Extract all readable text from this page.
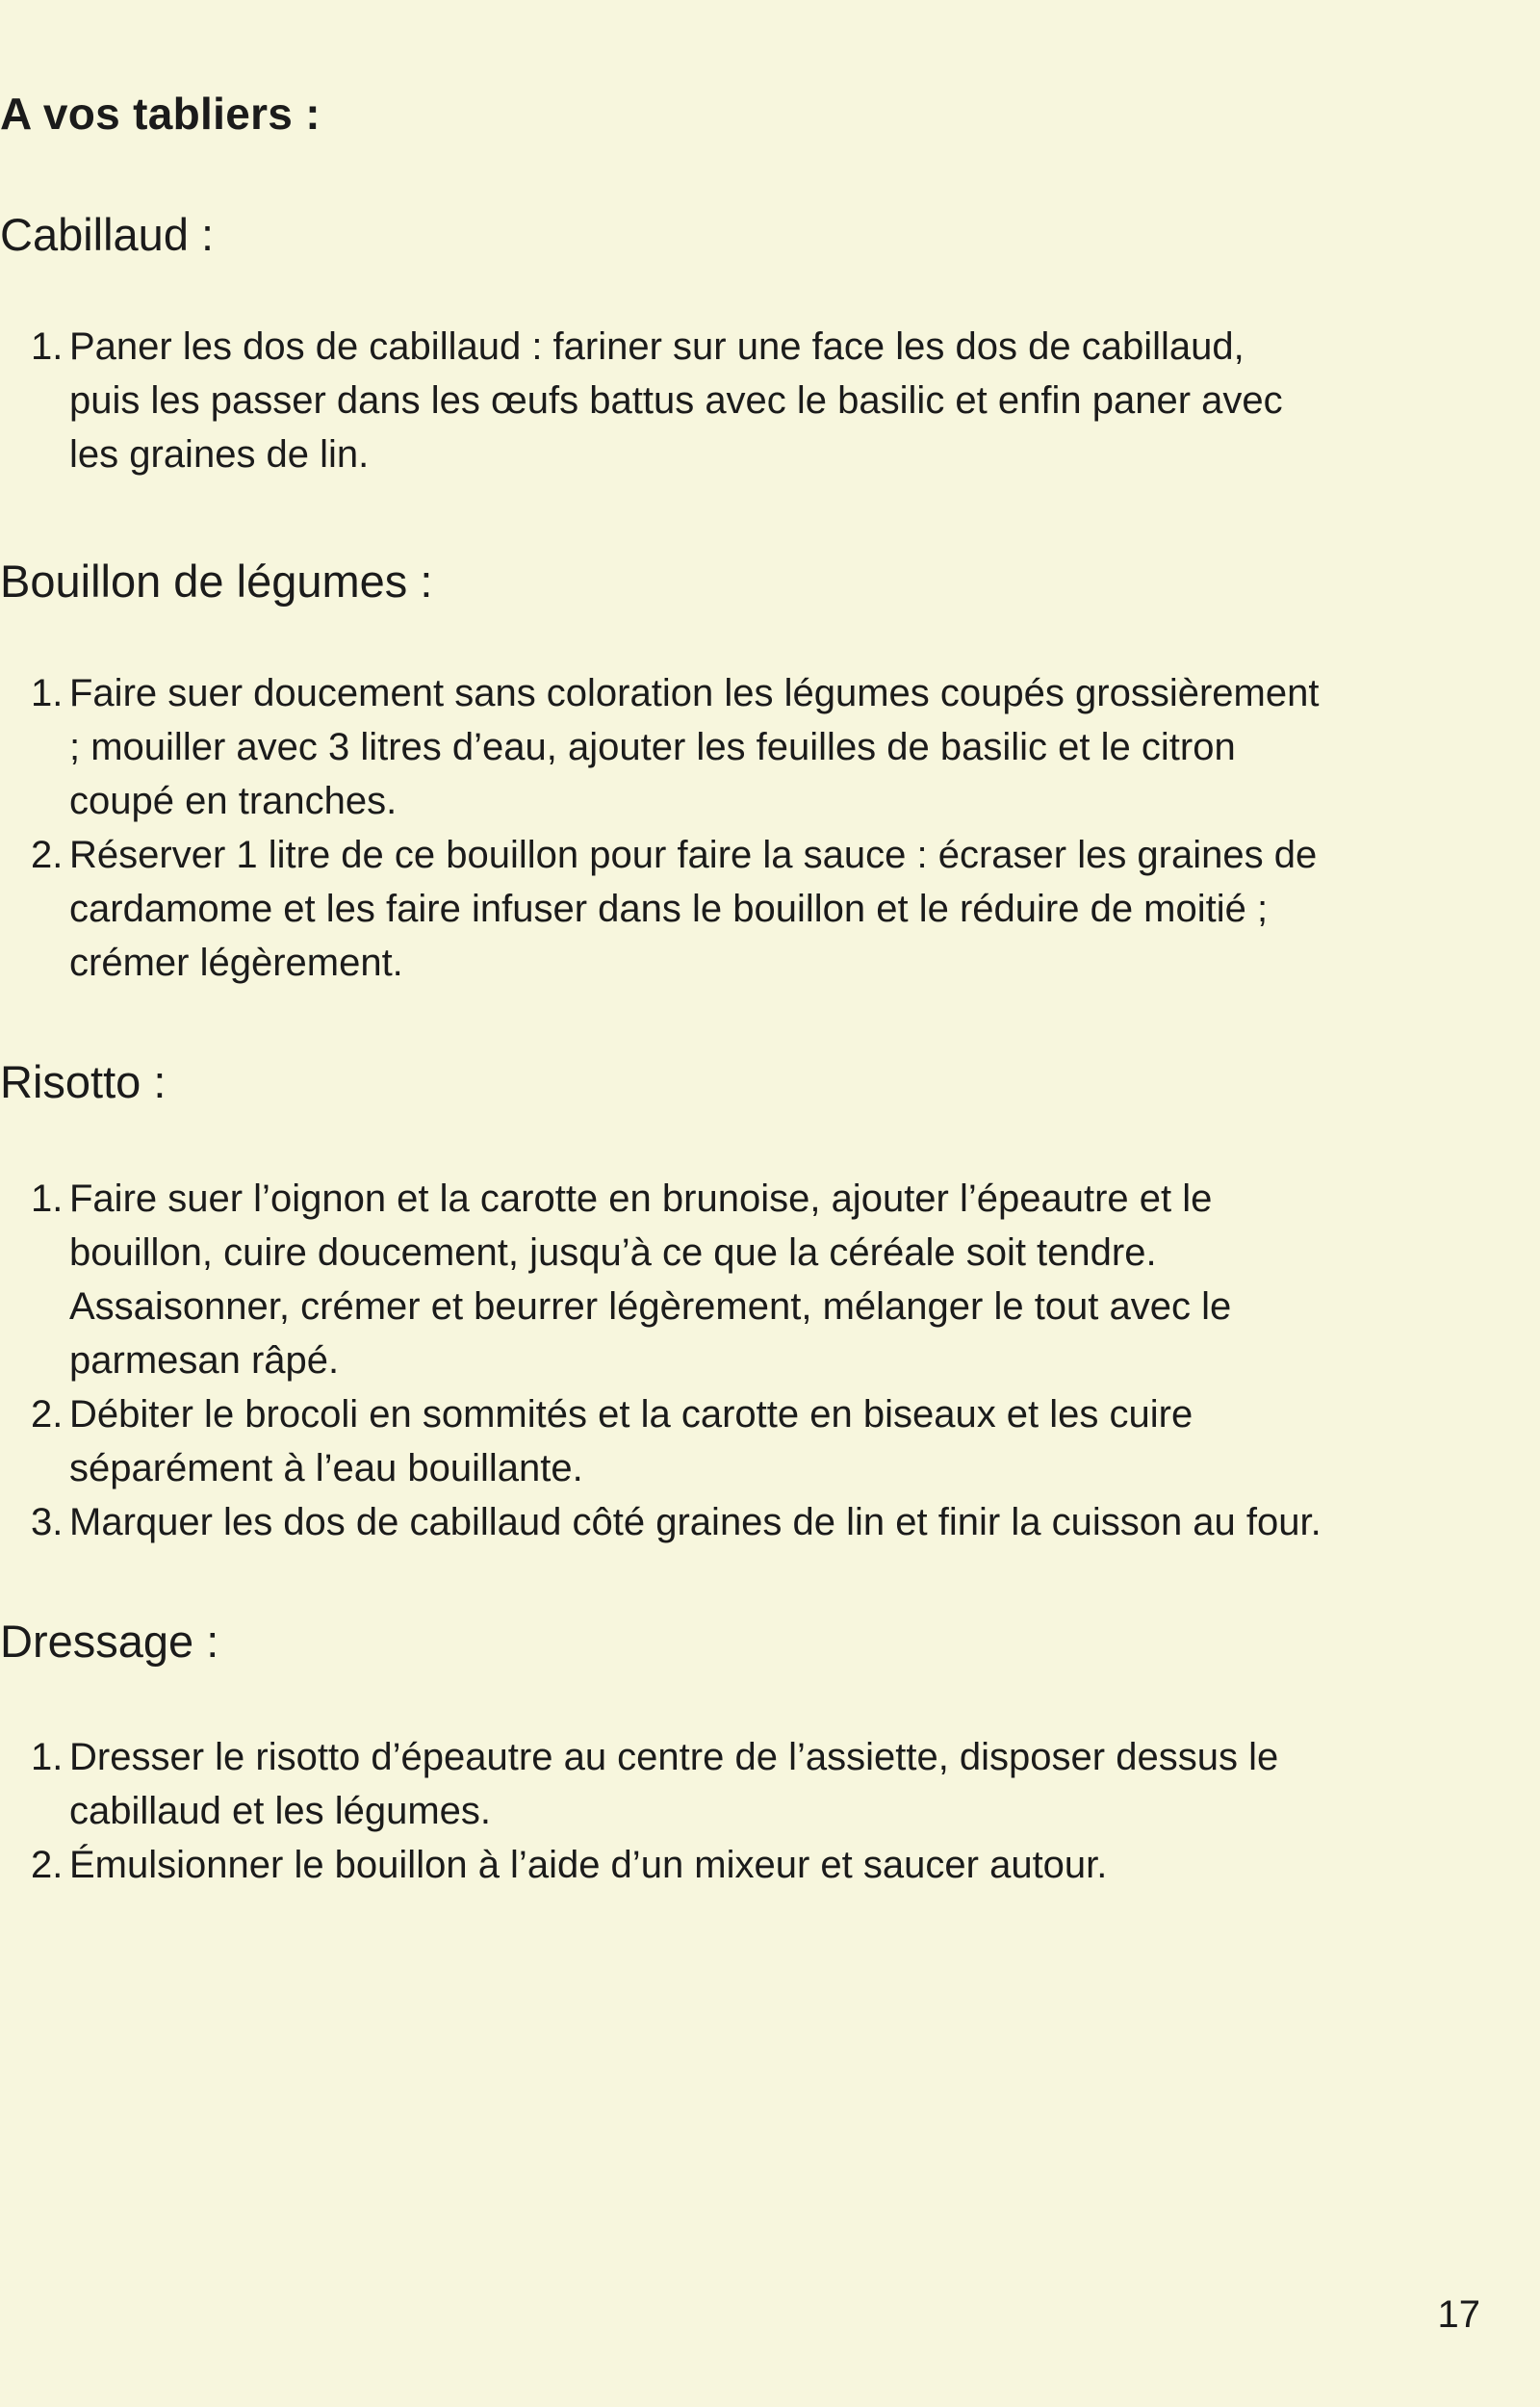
A vos tabliers :
Cabillaud :
1. Paner les dos de cabillaud : fariner sur une face les dos de cabillaud,
puis les passer dans les œufs battus avec le basilic et enfin paner avec
les graines de lin.
Bouillon de légumes :
1. Faire suer doucement sans coloration les légumes coupés grossièrement
; mouiller avec 3 litres d’eau, ajouter les feuilles de basilic et le citron
coupé en tranches.
2. Réserver 1 litre de ce bouillon pour faire la sauce : écraser les graines de
cardamome et les faire infuser dans le bouillon et le réduire de moitié ;
crémer légèrement.
Risotto :
1. Faire suer l’oignon et la carotte en brunoise, ajouter l’épeautre et le
bouillon, cuire doucement, jusqu’à ce que la céréale soit tendre.
Assaisonner, crémer et beurrer légèrement, mélanger le tout avec le
parmesan râpé.
2. Débiter le brocoli en sommités et la carotte en biseaux et les cuire
séparément à l’eau bouillante.
3. Marquer les dos de cabillaud côté graines de lin et finir la cuisson au four.
Dressage :
1. Dresser le risotto d’épeautre au centre de l’assiette, disposer dessus le
cabillaud et les légumes.
2. Émulsionner le bouillon à l’aide d’un mixeur et saucer autour.
17
